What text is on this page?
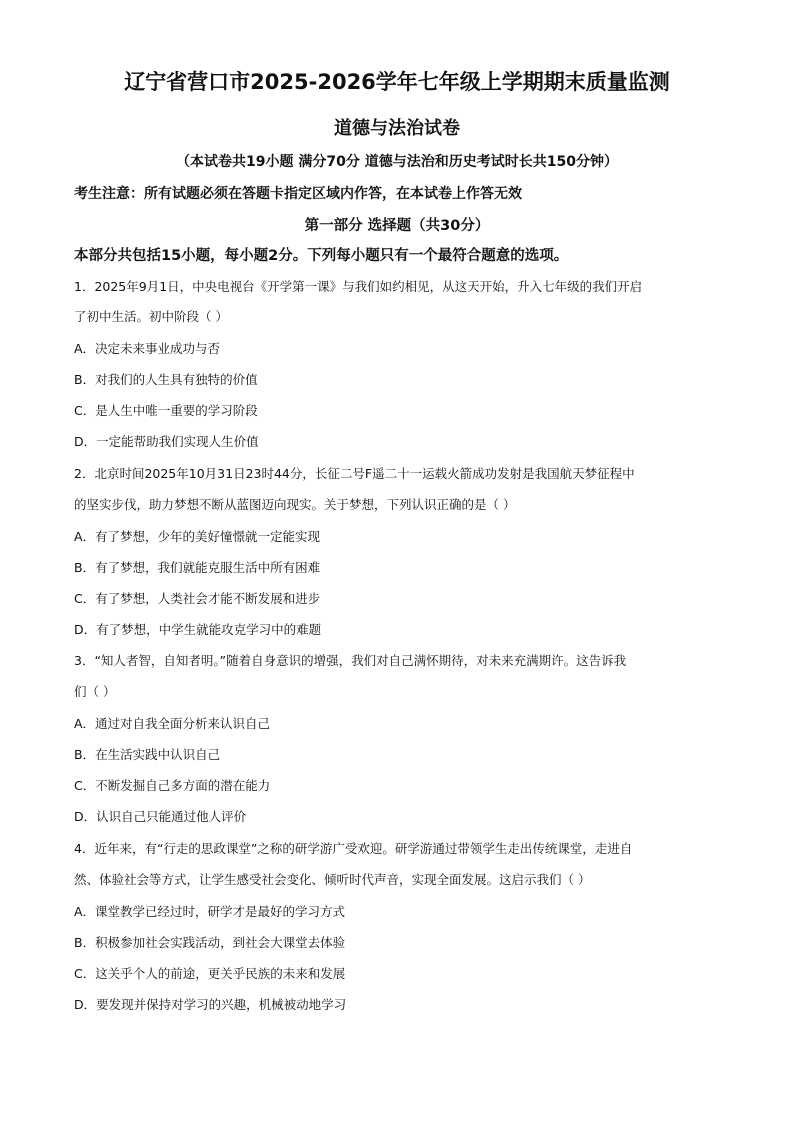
辽宁省营口市2025-2026学年七年级上学期期末质量监测
道德与法治试卷
（本试卷共19小题 满分70分 道德与法治和历史考试时长共150分钟）
考生注意：所有试题必须在答题卡指定区域内作答，在本试卷上作答无效
第一部分 选择题（共30分）
本部分共包括15小题，每小题2分。下列每小题只有一个最符合题意的选项。
1．2025年9月1日，中央电视台《开学第一课》与我们如约相见，从这天开始，升入七年级的我们开启
了初中生活。初中阶段（ ）
A．决定未来事业成功与否
B．对我们的人生具有独特的价值
C．是人生中唯一重要的学习阶段
D．一定能帮助我们实现人生价值
2．北京时间2025年10月31日23时44分，长征二号F遥二十一运载火箭成功发射是我国航天梦征程中
的坚实步伐，助力梦想不断从蓝图迈向现实。关于梦想，下列认识正确的是（ ）
A．有了梦想，少年的美好憧憬就一定能实现
B．有了梦想，我们就能克服生活中所有困难
C．有了梦想，人类社会才能不断发展和进步
D．有了梦想，中学生就能攻克学习中的难题
3．“知人者智，自知者明。”随着自身意识的增强，我们对自己满怀期待，对未来充满期许。这告诉我
们（ ）
A．通过对自我全面分析来认识自己
B．在生活实践中认识自己
C．不断发掘自己多方面的潜在能力
D．认识自己只能通过他人评价
4．近年来，有“行走的思政课堂”之称的研学游广受欢迎。研学游通过带领学生走出传统课堂，走进自
然、体验社会等方式，让学生感受社会变化、倾听时代声音，实现全面发展。这启示我们（ ）
A．课堂教学已经过时，研学才是最好的学习方式
B．积极参加社会实践活动，到社会大课堂去体验
C．这关乎个人的前途，更关乎民族的未来和发展
D．要发现并保持对学习的兴趣，机械被动地学习
